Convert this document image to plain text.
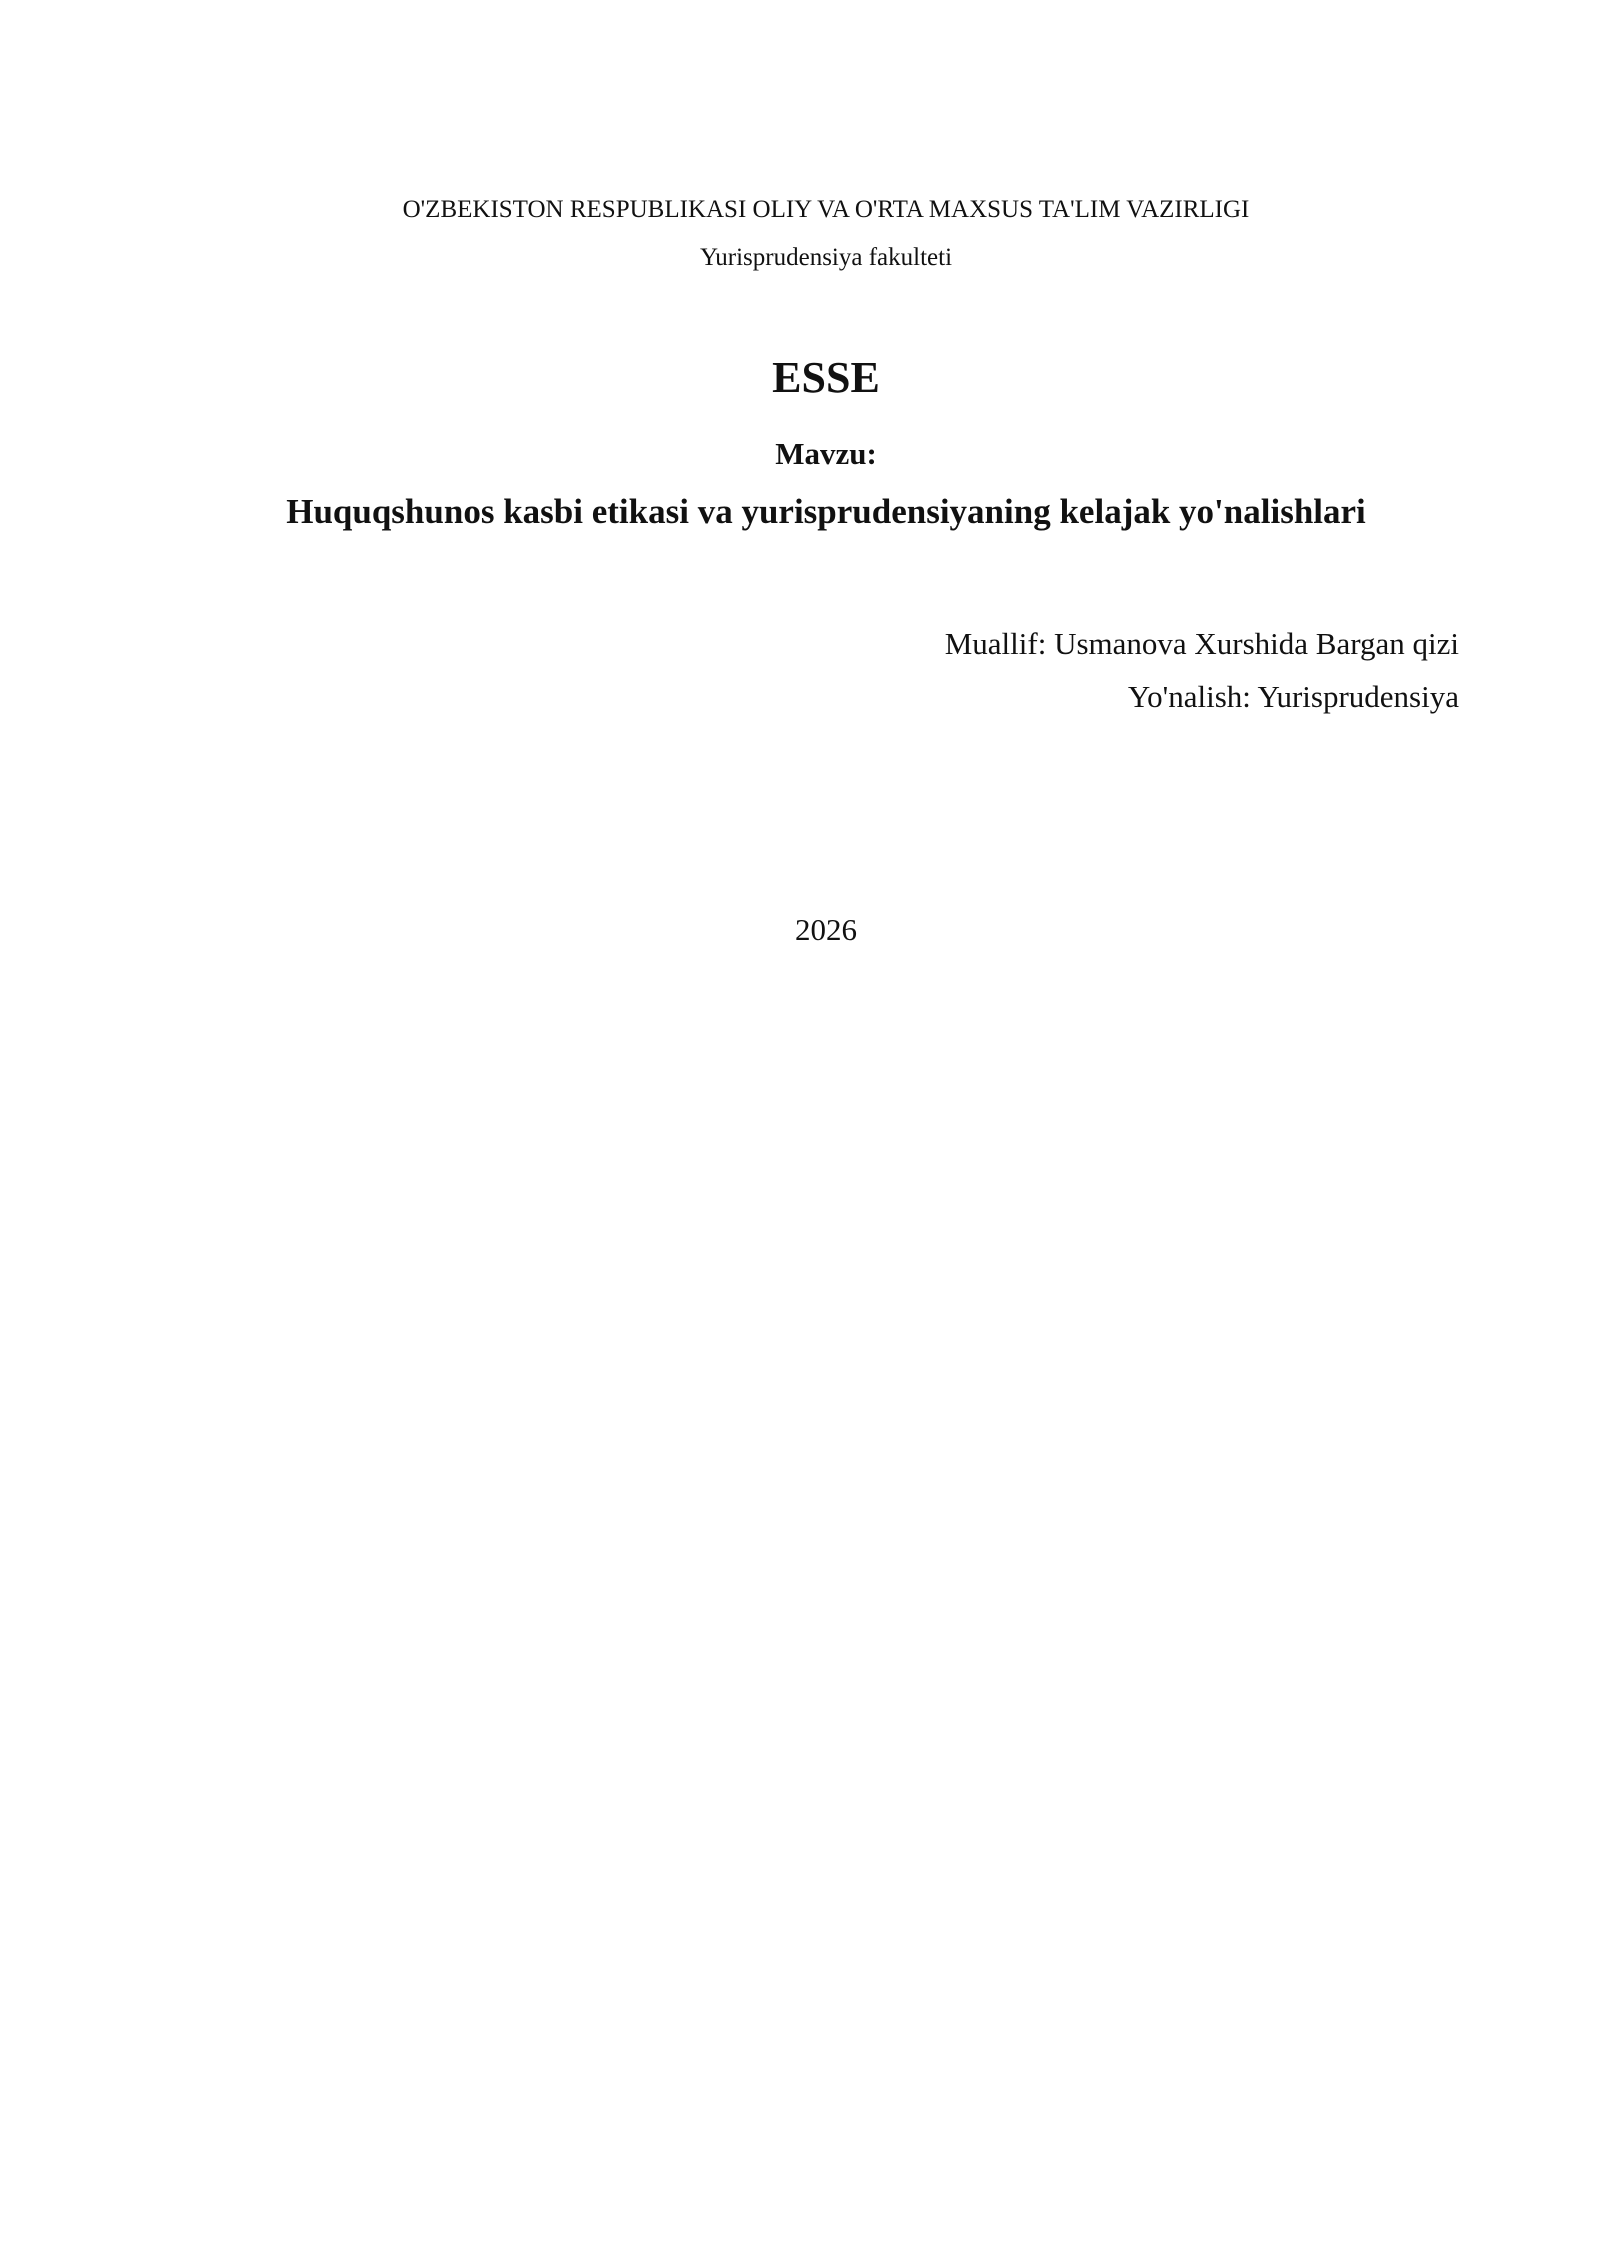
O'ZBEKISTON RESPUBLIKASI OLIY VA O'RTA MAXSUS TA'LIM VAZIRLIGI
Yurisprudensiya fakulteti
ESSE
Mavzu:
Huquqshunos kasbi etikasi va yurisprudensiyaning kelajak yo'nalishlari
Muallif: Usmanova Xurshida Bargan qizi
Yo'nalish: Yurisprudensiya
2026
